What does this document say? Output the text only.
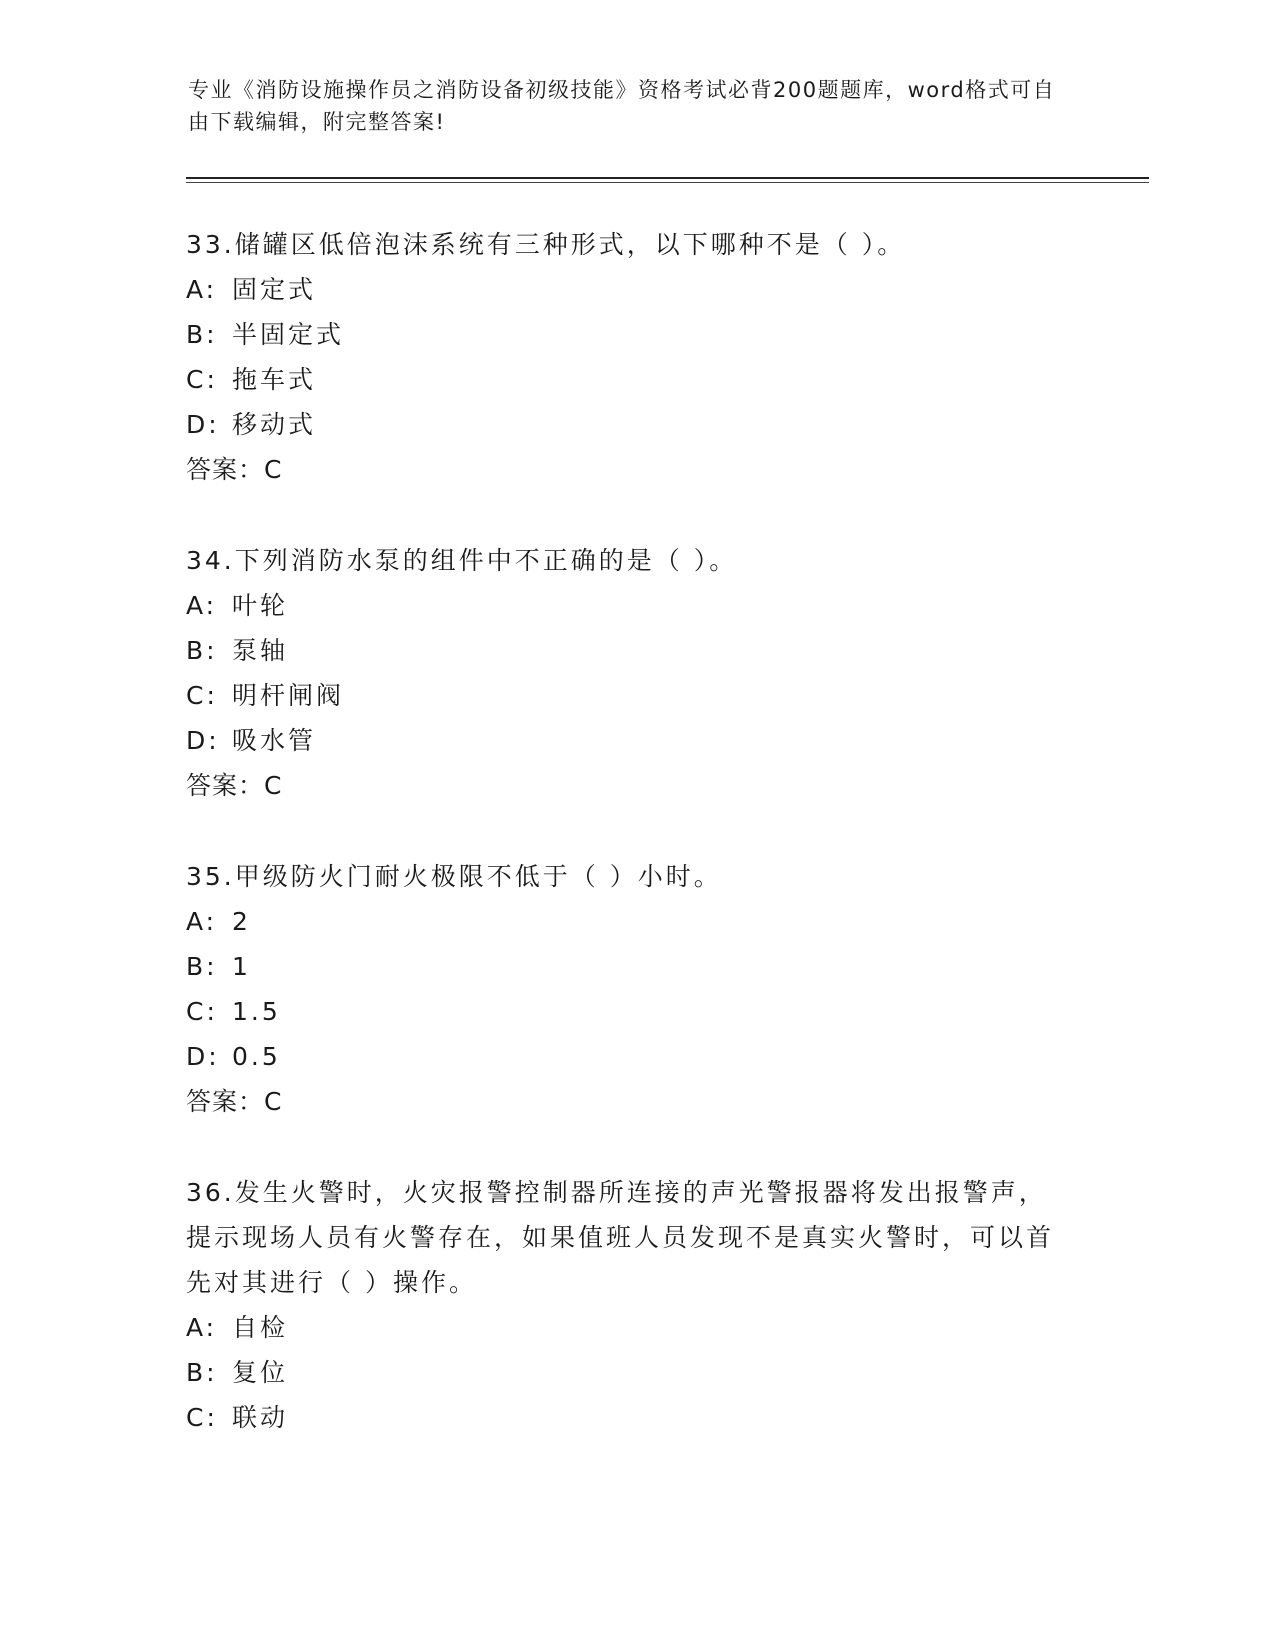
专业《消防设施操作员之消防设备初级技能》资格考试必背200题题库，word格式可自由下载编辑，附完整答案!

33.储罐区低倍泡沫系统有三种形式，以下哪种不是（ ）。

A: 固定式

B: 半固定式

C: 拖车式

D: 移动式

答案：C

34.下列消防水泵的组件中不正确的是（ ）。

A: 叶轮

B: 泵轴

C: 明杆闸阀

D: 吸水管

答案：C

35.甲级防火门耐火极限不低于（ ）小时。

A: 2

B: 1

C: 1.5

D: 0.5

答案：C

36.发生火警时，火灾报警控制器所连接的声光警报器将发出报警声，提示现场人员有火警存在，如果值班人员发现不是真实火警时，可以首先对其进行（ ）操作。

A: 自检

B: 复位

C: 联动
